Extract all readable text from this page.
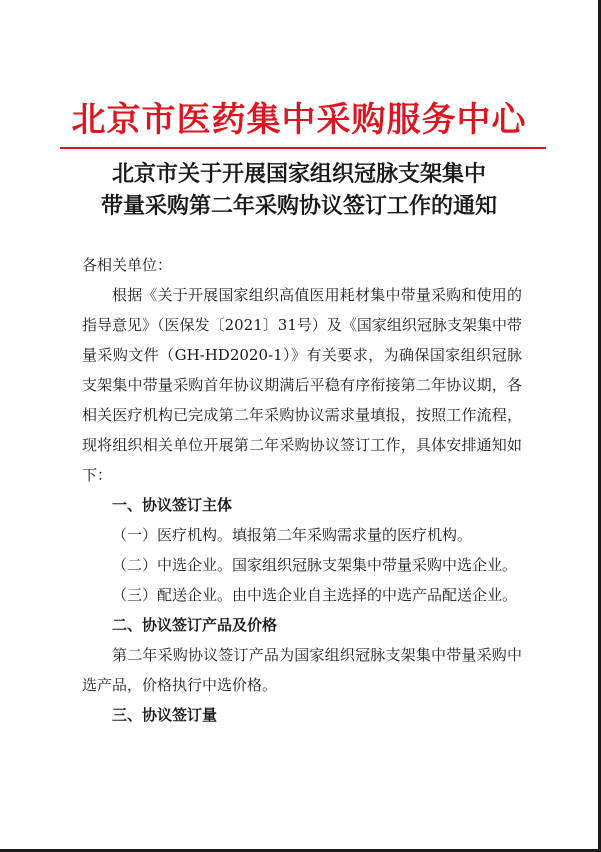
北京市医药集中采购服务中心
北京市关于开展国家组织冠脉支架集中
带量采购第二年采购协议签订工作的通知

各相关单位：

根据《关于开展国家组织高值医用耗材集中带量采购和使用的指导意见》（医保发〔2021〕31号）及《国家组织冠脉支架集中带量采购文件（GH-HD2020-1）》有关要求，为确保国家组织冠脉支架集中带量采购首年协议期满后平稳有序衔接第二年协议期，各相关医疗机构已完成第二年采购协议需求量填报，按照工作流程，现将组织相关单位开展第二年采购协议签订工作，具体安排通知如下：

一、协议签订主体

（一）医疗机构。填报第二年采购需求量的医疗机构。

（二）中选企业。国家组织冠脉支架集中带量采购中选企业。

（三）配送企业。由中选企业自主选择的中选产品配送企业。

二、协议签订产品及价格

第二年采购协议签订产品为国家组织冠脉支架集中带量采购中选产品，价格执行中选价格。

三、协议签订量
